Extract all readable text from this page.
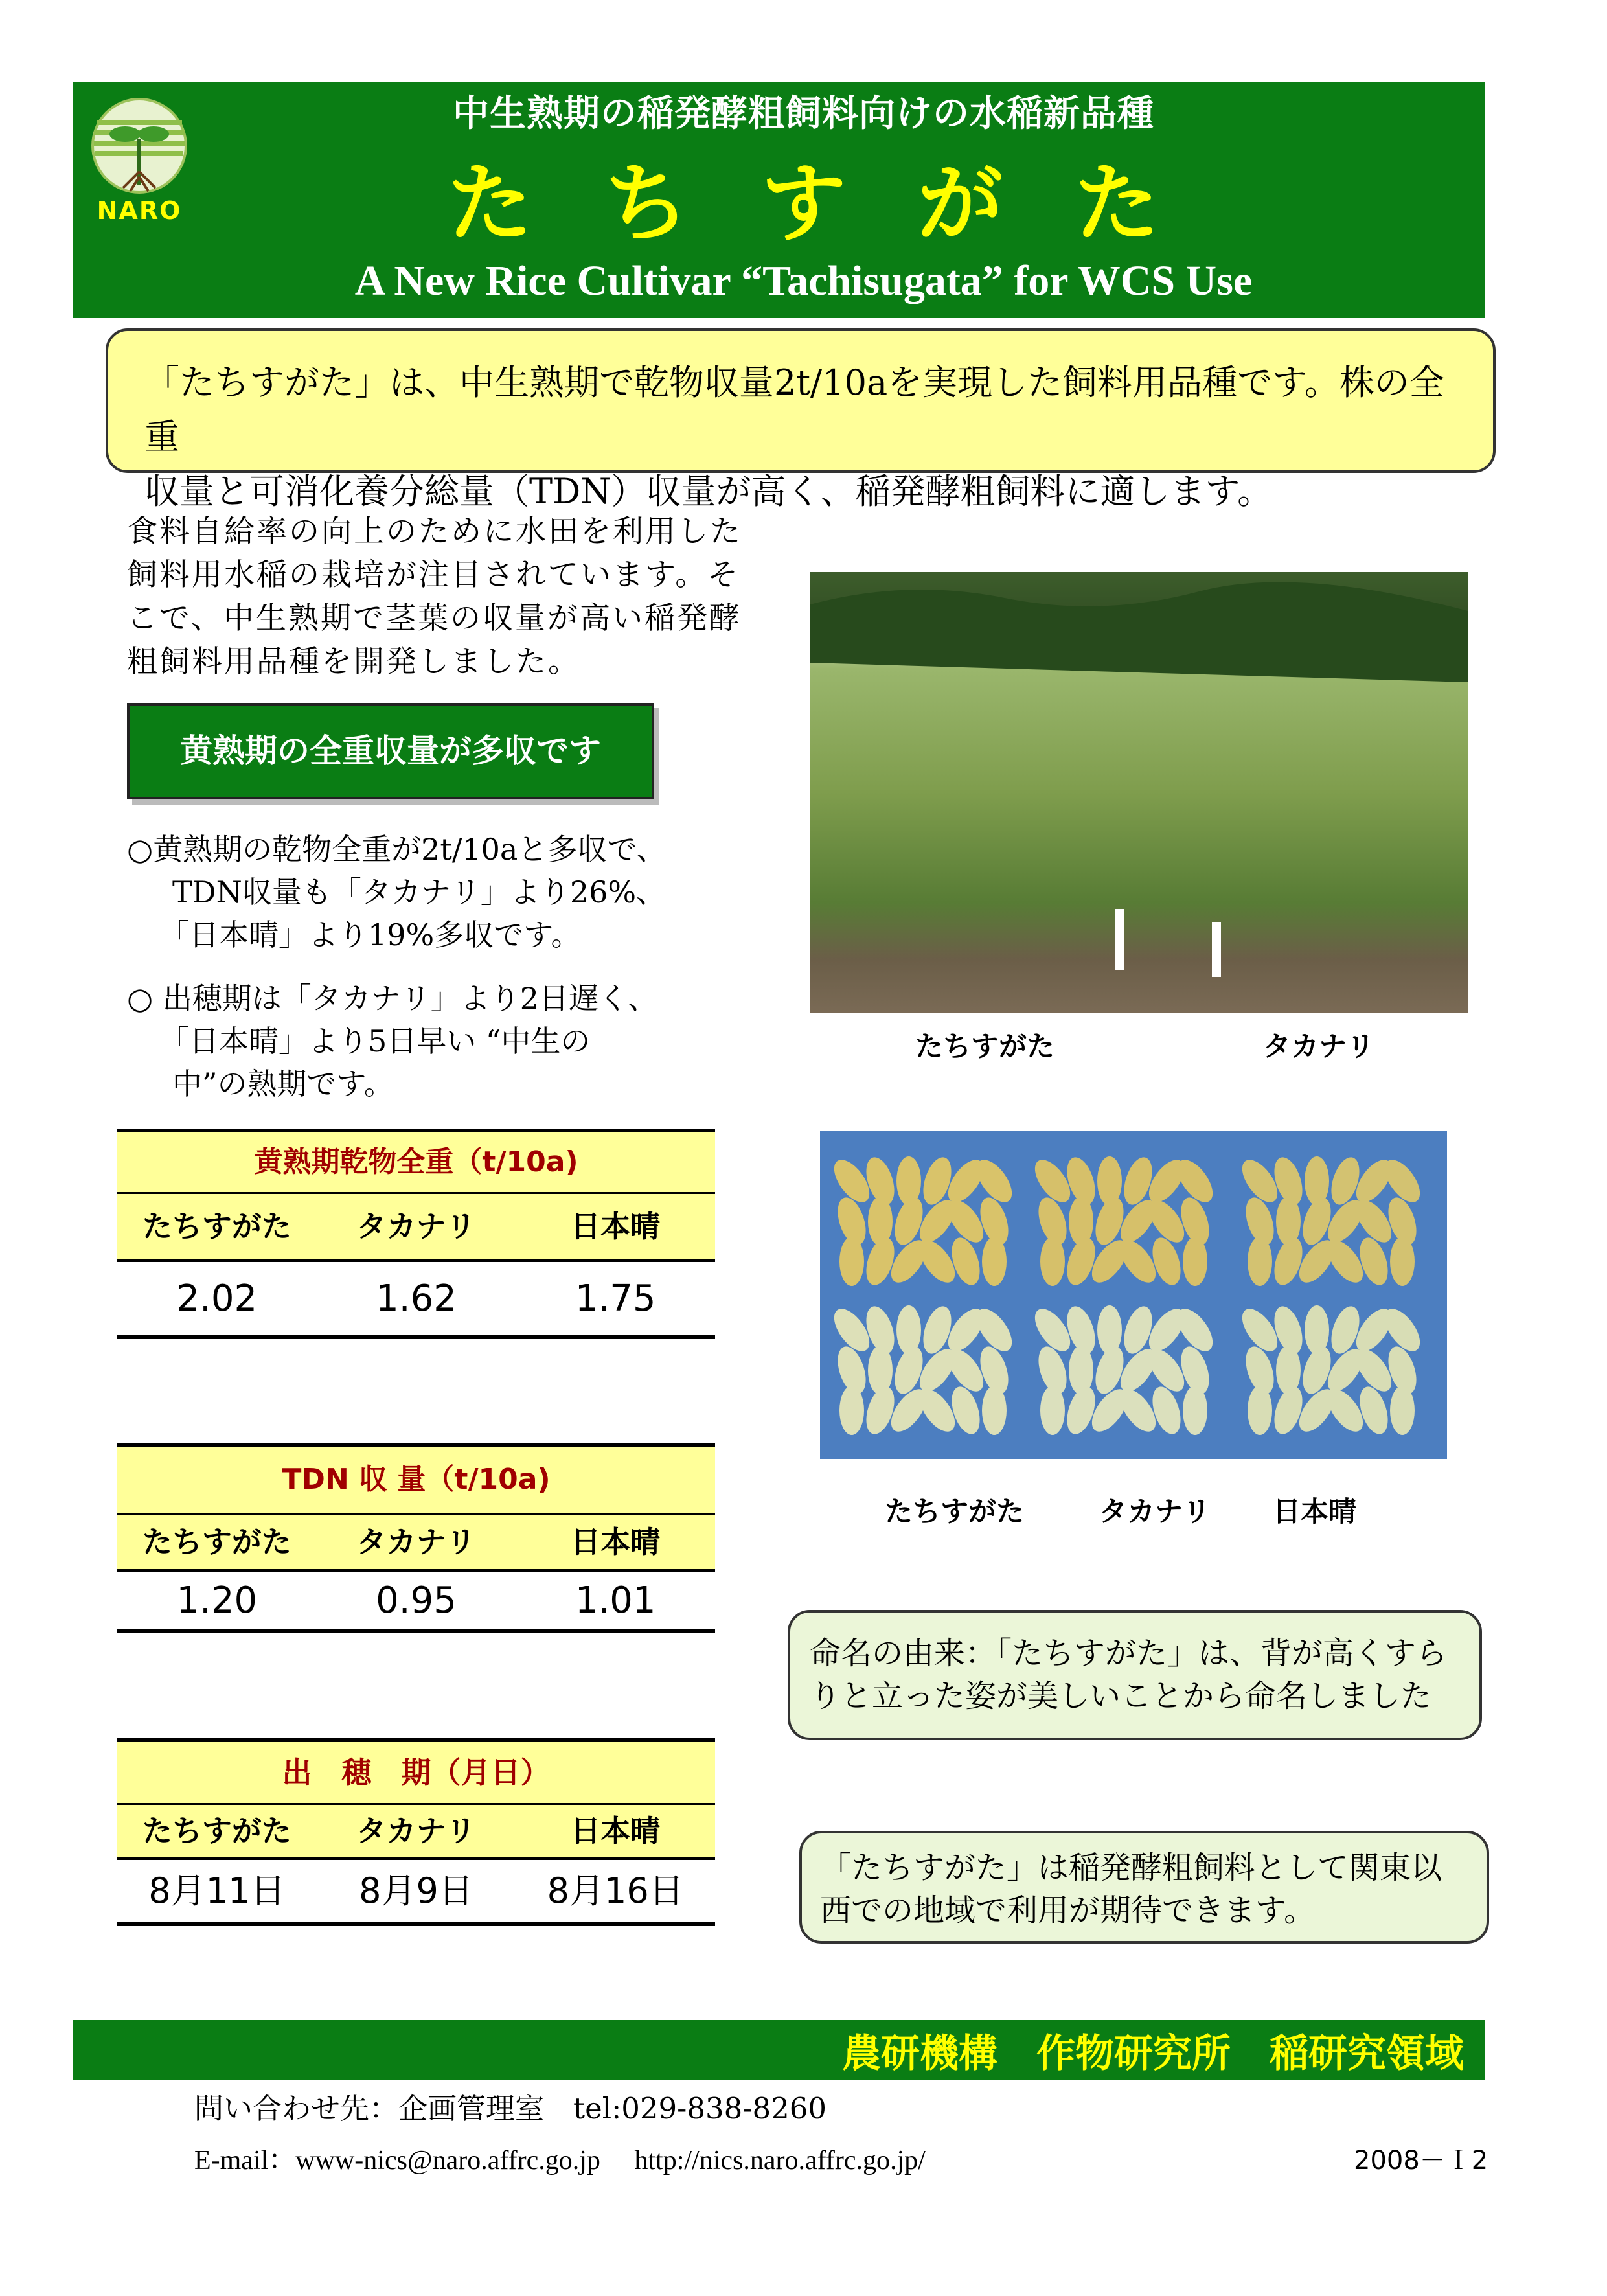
NARO
中生熟期の稲発酵粗飼料向けの水稲新品種
たちすがた
A New Rice Cultivar “Tachisugata” for WCS Use
「たちすがた」は、中生熟期で乾物収量2t/10aを実現した飼料用品種です。株の全重
収量と可消化養分総量（TDN）収量が高く、稲発酵粗飼料に適します。
食料自給率の向上のために水田を利用した
飼料用水稲の栽培が注目されています。そ
こで、中生熟期で茎葉の収量が高い稲発酵
粗飼料用品種を開発しました。
黄熟期の全重収量が多収です
○黄熟期の乾物全重が2t/10aと多収で、
TDN収量も「タカナリ」より26%、
「日本晴」より19%多収です。
○ 出穂期は「タカナリ」より2日遅く、
「日本晴」より5日早い “中生の
中”の熟期です。
黄熟期乾物全重（t/10a)
たちすがた	タカナリ	日本晴
2.02	1.62	1.75
TDN 収 量（t/10a)
たちすがた	タカナリ	日本晴
1.20	0.95	1.01
出　穂　期（月日）
たちすがた	タカナリ	日本晴
8月11日	8月9日	8月16日
たちすがた	タカナリ
たちすがた	タカナリ 日本晴
命名の由来：「たちすがた」は、背が高くすら
りと立った姿が美しいことから命名しました
「たちすがた」は稲発酵粗飼料として関東以
西での地域で利用が期待できます。
農研機構　作物研究所　稲研究領域
問い合わせ先：企画管理室　tel:029-838-8260
E-mail：www-nics@naro.affrc.go.jp　 http://nics.naro.affrc.go.jp/	2008－Ｉ2
